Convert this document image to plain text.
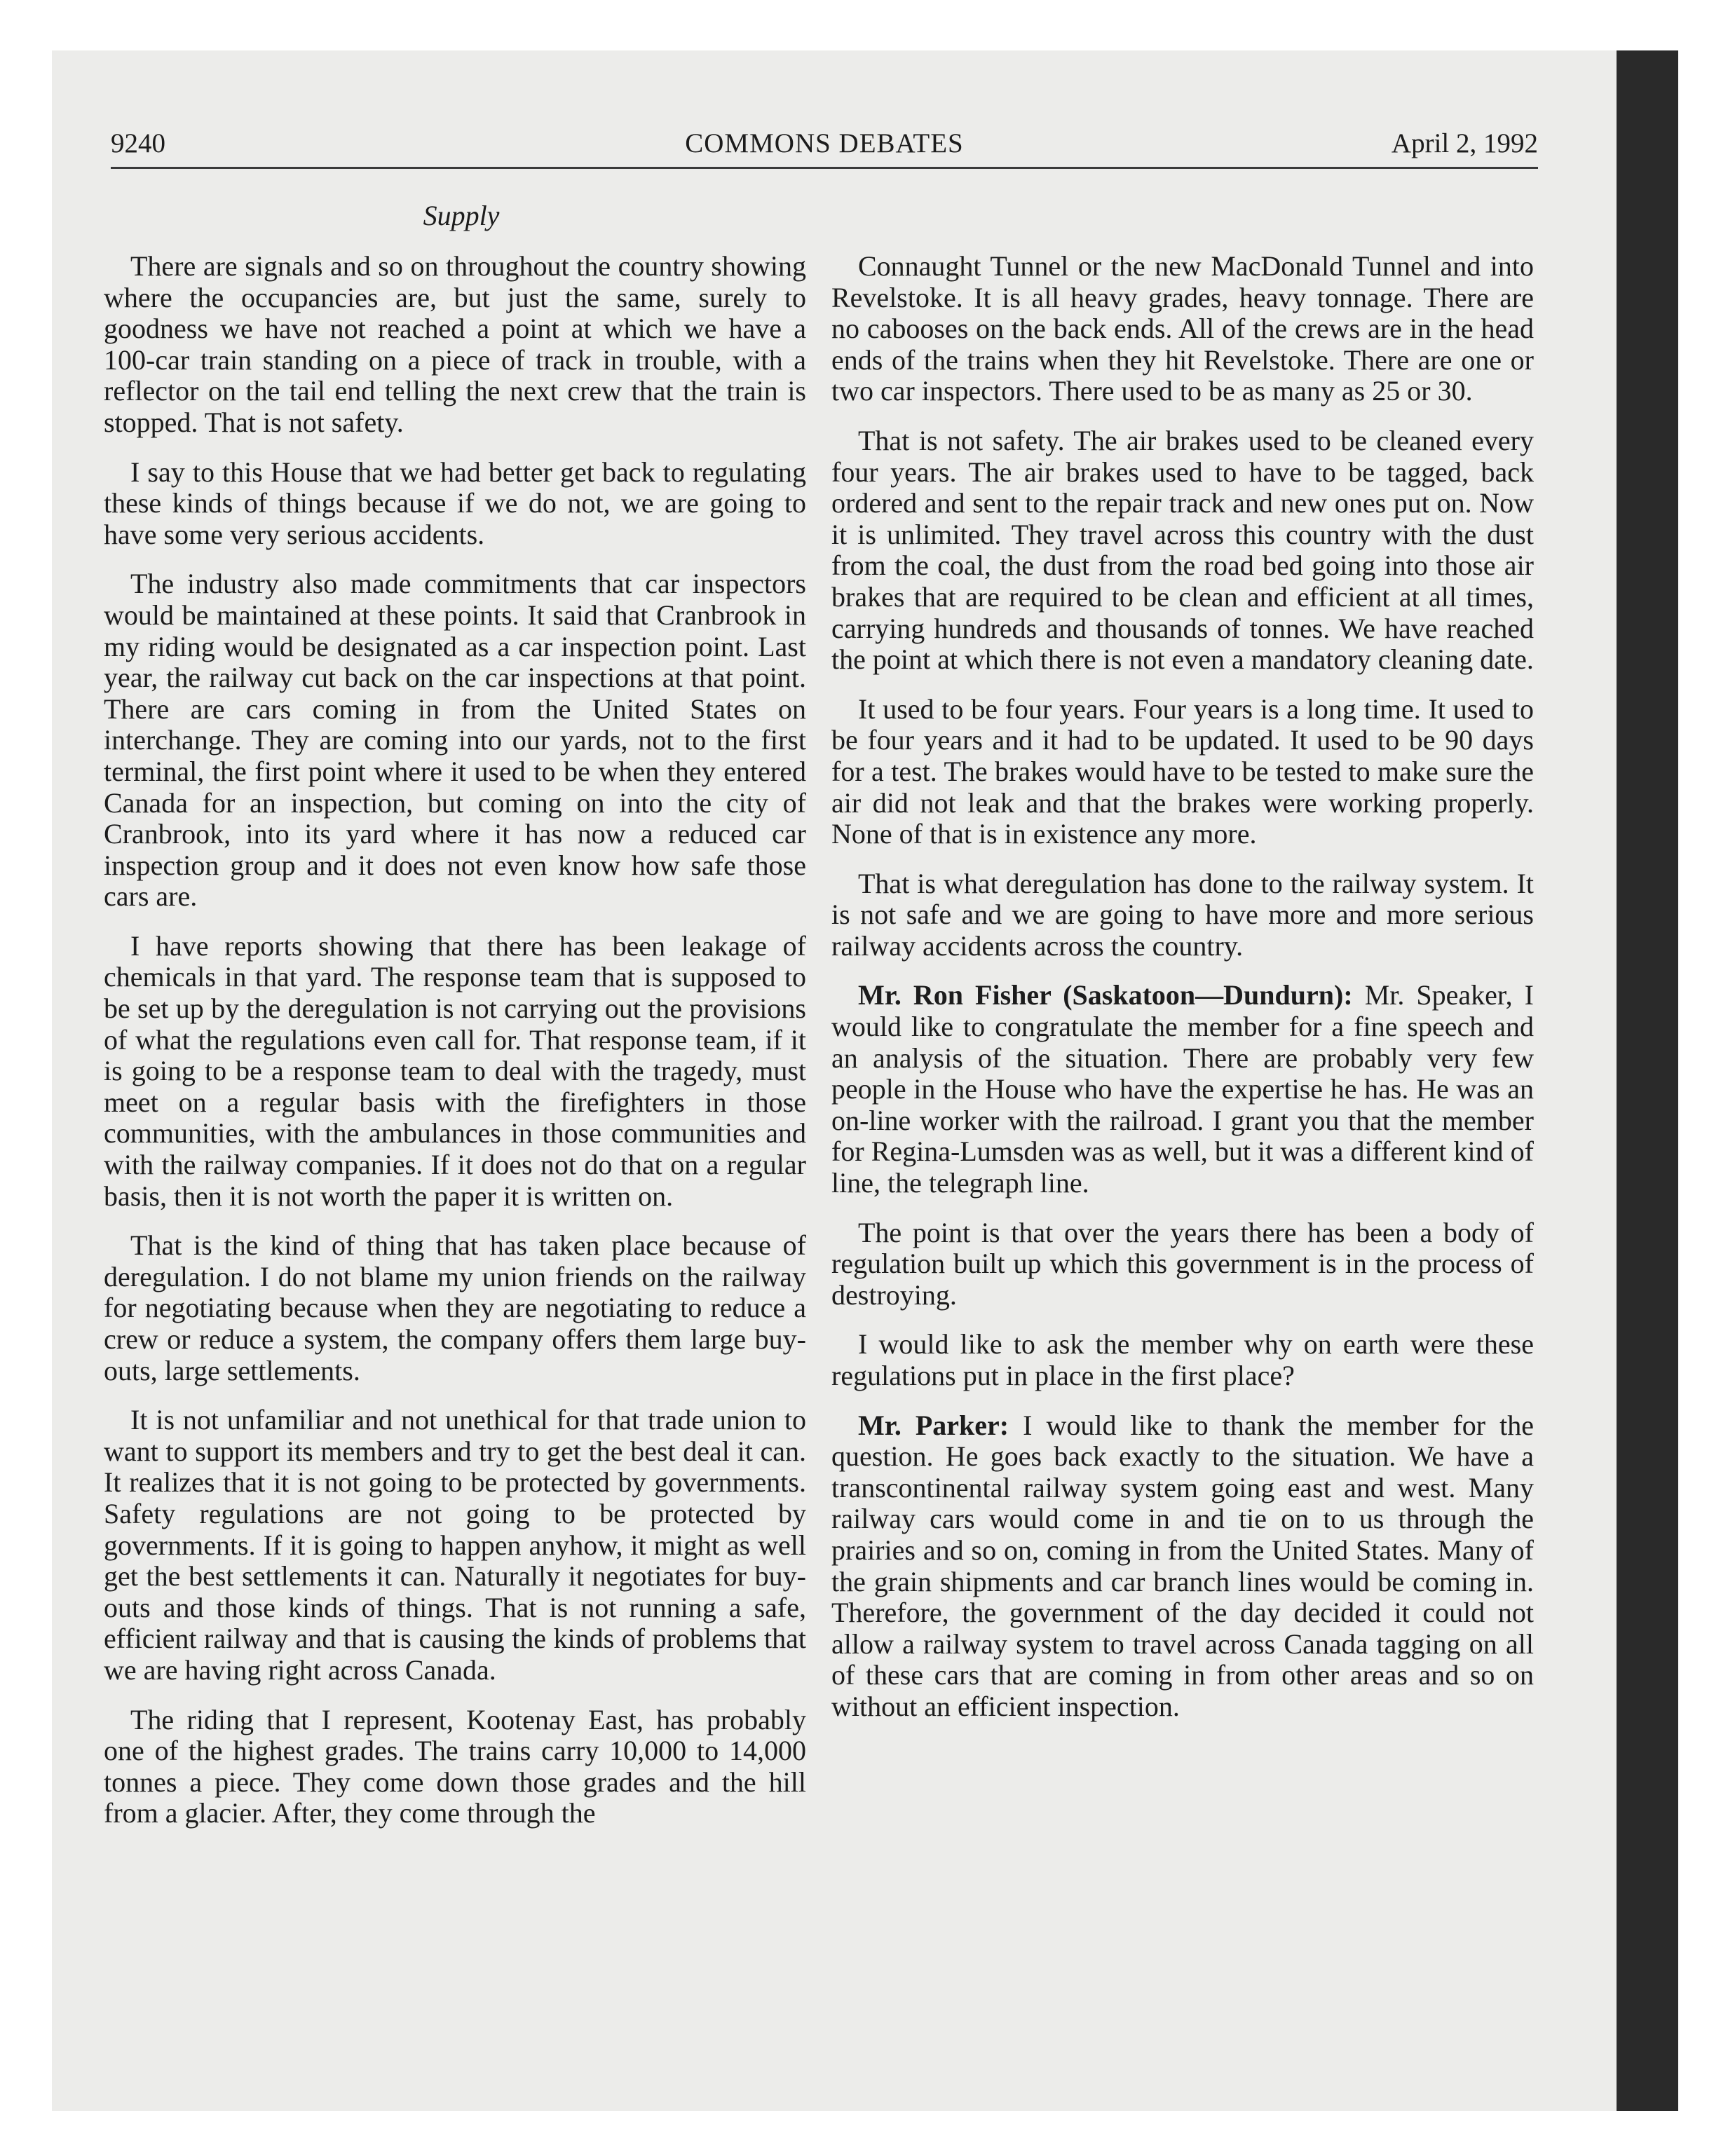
9240	COMMONS DEBATES	April 2, 1992
Supply

There are signals and so on throughout the country showing where the occupancies are, but just the same, surely to goodness we have not reached a point at which we have a 100-car train standing on a piece of track in trouble, with a reflector on the tail end telling the next crew that the train is stopped. That is not safety.

I say to this House that we had better get back to regulating these kinds of things because if we do not, we are going to have some very serious accidents.

The industry also made commitments that car inspectors would be maintained at these points. It said that Cranbrook in my riding would be designated as a car inspection point. Last year, the railway cut back on the car inspections at that point. There are cars coming in from the United States on interchange. They are coming into our yards, not to the first terminal, the first point where it used to be when they entered Canada for an inspection, but coming on into the city of Cranbrook, into its yard where it has now a reduced car inspection group and it does not even know how safe those cars are.

I have reports showing that there has been leakage of chemicals in that yard. The response team that is supposed to be set up by the deregulation is not carrying out the provisions of what the regulations even call for. That response team, if it is going to be a response team to deal with the tragedy, must meet on a regular basis with the firefighters in those communities, with the ambulances in those communities and with the railway companies. If it does not do that on a regular basis, then it is not worth the paper it is written on.

That is the kind of thing that has taken place because of deregulation. I do not blame my union friends on the railway for negotiating because when they are negotiating to reduce a crew or reduce a system, the company offers them large buy-outs, large settlements.

It is not unfamiliar and not unethical for that trade union to want to support its members and try to get the best deal it can. It realizes that it is not going to be protected by governments. Safety regulations are not going to be protected by governments. If it is going to happen anyhow, it might as well get the best settlements it can. Naturally it negotiates for buy-outs and those kinds of things. That is not running a safe, efficient railway and that is causing the kinds of problems that we are having right across Canada.

The riding that I represent, Kootenay East, has probably one of the highest grades. The trains carry 10,000 to 14,000 tonnes a piece. They come down those grades and the hill from a glacier. After, they come through the

Connaught Tunnel or the new MacDonald Tunnel and into Revelstoke. It is all heavy grades, heavy tonnage. There are no cabooses on the back ends. All of the crews are in the head ends of the trains when they hit Revelstoke. There are one or two car inspectors. There used to be as many as 25 or 30.

That is not safety. The air brakes used to be cleaned every four years. The air brakes used to have to be tagged, back ordered and sent to the repair track and new ones put on. Now it is unlimited. They travel across this country with the dust from the coal, the dust from the road bed going into those air brakes that are required to be clean and efficient at all times, carrying hundreds and thousands of tonnes. We have reached the point at which there is not even a mandatory cleaning date.

It used to be four years. Four years is a long time. It used to be four years and it had to be updated. It used to be 90 days for a test. The brakes would have to be tested to make sure the air did not leak and that the brakes were working properly. None of that is in existence any more.

That is what deregulation has done to the railway system. It is not safe and we are going to have more and more serious railway accidents across the country.

Mr. Ron Fisher (Saskatoon—Dundurn): Mr. Speaker, I would like to congratulate the member for a fine speech and an analysis of the situation. There are probably very few people in the House who have the expertise he has. He was an on-line worker with the railroad. I grant you that the member for Regina-Lumsden was as well, but it was a different kind of line, the telegraph line.

The point is that over the years there has been a body of regulation built up which this government is in the process of destroying.

I would like to ask the member why on earth were these regulations put in place in the first place?

Mr. Parker: I would like to thank the member for the question. He goes back exactly to the situation. We have a transcontinental railway system going east and west. Many railway cars would come in and tie on to us through the prairies and so on, coming in from the United States. Many of the grain shipments and car branch lines would be coming in. Therefore, the government of the day decided it could not allow a railway system to travel across Canada tagging on all of these cars that are coming in from other areas and so on without an efficient inspection.
